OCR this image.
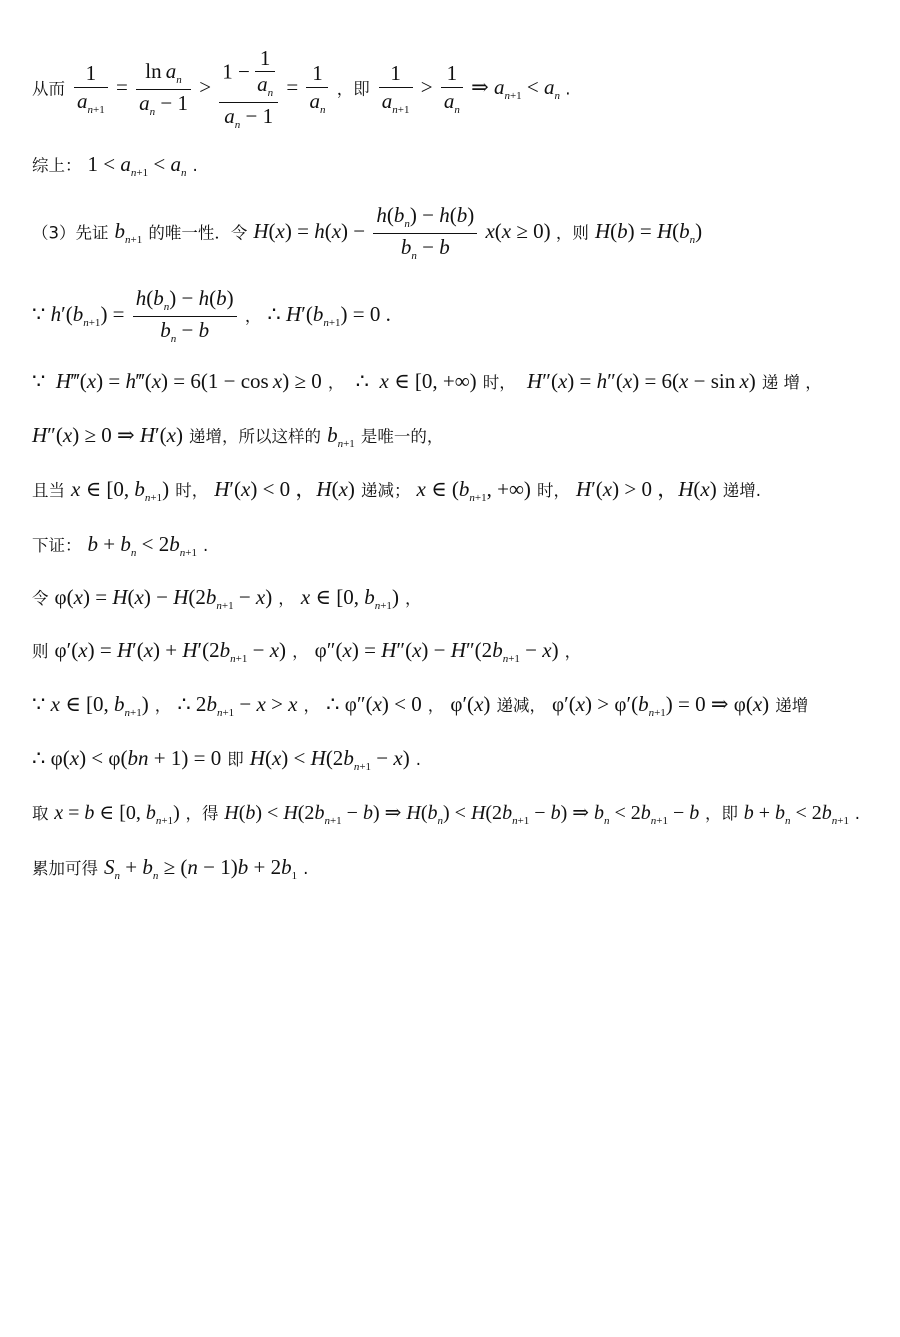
从而 $\frac{1}{a_{n+1}} = \frac{\ln a_n}{a_n - 1} > \frac{1 - \frac{1}{a_n}}{a_n - 1} = \frac{1}{a_n}$ ，即 $\frac{1}{a_{n+1}} > \frac{1}{a_n}$ ⇒ $a_{n+1} < a_n$ .
综上： $1 < a_{n+1} < a_n$ .
（3）先证 $b_{n+1}$ 的唯一性．令 $H(x) = h(x) - \frac{h(b_n) - h(b)}{b_n - b} x(x \ge 0)$ ，则 $H(b) = H(b_n)$
∵ $h'(b_{n+1}) = \frac{h(b_n) - h(b)}{b_n - b}$ ， ∴ $H'(b_{n+1}) = 0$ .
∵  H‴(x) = h‴(x) = 6(1 − cos x) ≥ 0 ，  ∴  x ∈ [0, +∞) 时， H″(x) = h″(x) = 6(x − sin x) 递 增 ，
H″(x) ≥ 0 ⇒ H′(x) 递增，所以这样的 $b_{n+1}$ 是唯一的，
且当 x ∈ [0, $b_{n+1}$) 时， H′(x) < 0 ，H(x) 递减； x ∈ ($b_{n+1}$, +∞) 时， H′(x) > 0 ，H(x) 递增.
下证： $b + b_n < 2b_{n+1}$ .
令 $\varphi(x) = H(x) - H(2b_{n+1} - x)$ ， x ∈ [0, $b_{n+1}$) ，
则 $\varphi'(x) = H'(x) + H'(2b_{n+1} - x)$ ， $\varphi''(x) = H''(x) - H''(2b_{n+1} - x)$ ，
∵ x ∈ [0, $b_{n+1}$) ， ∴ $2b_{n+1} - x > x$ ， ∴ φ″(x) < 0 ， φ′(x) 递减， $\varphi'(x) > \varphi'(b_{n+1}) = 0$ ⇒ φ(x) 递增
∴ φ(x) < φ(bn + 1) = 0 即 $H(x) < H(2b_{n+1} - x)$ .
取 x = b ∈ [0, $b_{n+1}$) ，得 $H(b) < H(2b_{n+1} - b)$ ⇒ $H(b_n) < H(2b_{n+1} - b)$ ⇒ $b_n < 2b_{n+1} - b$ ，即 $b + b_n < 2b_{n+1}$ .
累加可得 $S_n + b_n \ge (n - 1)b + 2b_1$ .
